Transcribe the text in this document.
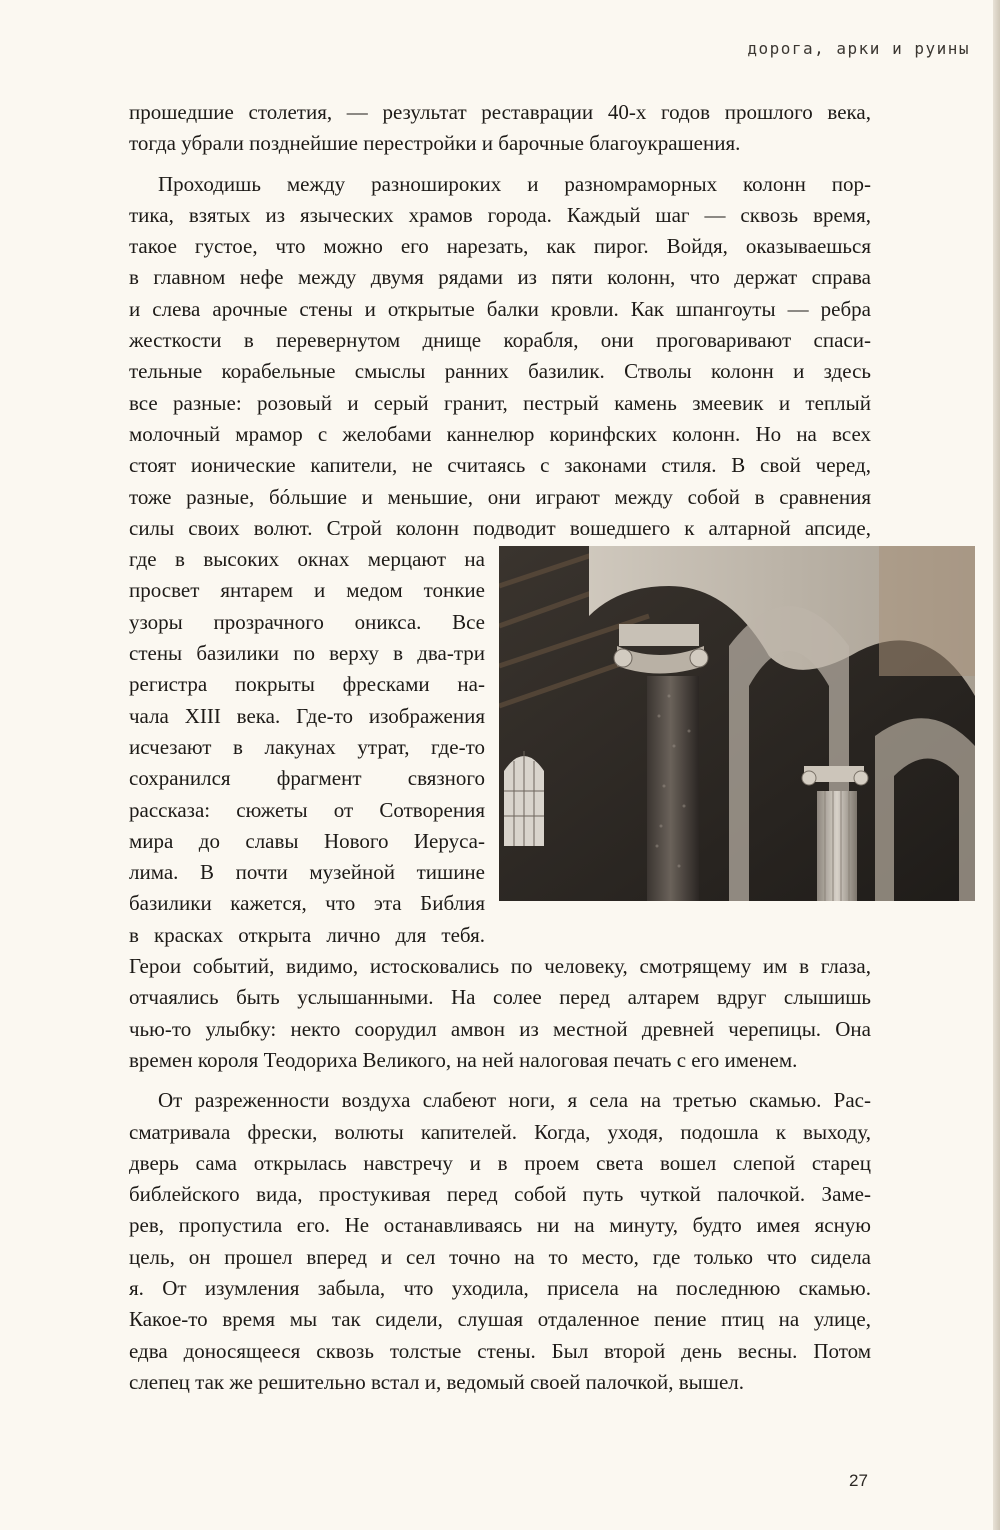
дорога, арки и руины
прошедшие столетия, — результат реставрации 40-х годов прошлого века,
тогда убрали позднейшие перестройки и барочные благоукрашения.
Проходишь между разноширокиx и разномраморных колонн пор-
тика, взятых из языческих храмов города. Каждый шаг — сквозь время,
такое густое, что можно его нарезать, как пирог. Войдя, оказываешься
в главном нефе между двумя рядами из пяти колонн, что держат справа
и слева арочные стены и открытые балки кровли. Как шпангоуты — ребра
жесткости в перевернутом днище корабля, они проговаривают спаси-
тельные корабельные смыслы ранних базилик. Стволы колонн и здесь
все разные: розовый и серый гранит, пестрый камень змеевик и теплый
молочный мрамор с желобами каннелюр коринфских колонн. Но на всех
стоят ионические капители, не считаясь с законами стиля. В свой черед,
тоже разные, бóльшие и меньшие, они играют между собой в сравнения
силы своих волют. Строй колонн подводит вошедшего к алтарной апсиде,
где в высоких окнах мерцают на
просвет янтарем и медом тонкие
узоры прозрачного оникса. Все
стены базилики по верху в два-три
регистра покрыты фресками на-
чала XIII века. Где-то изображения
исчезают в лакунах утрат, где-то
сохранился фрагмент связного
рассказа: сюжеты от Сотворения
мира до славы Нового Иеруса-
лима. В почти музейной тишине
базилики кажется, что эта Библия
в красках открыта лично для тебя.
Герои событий, видимо, истосковались по человеку, смотрящему им в глаза,
отчаялись быть услышанными. На солее перед алтарем вдруг слышишь
чью-то улыбку: некто соорудил амвон из местной древней черепицы. Она
времен короля Теодориха Великого, на ней налоговая печать с его именем.
От разреженности воздуха слабеют ноги, я села на третью скамью. Рас-
сматривала фрески, волюты капителей. Когда, уходя, подошла к выходу,
дверь сама открылась навстречу и в проем света вошел слепой старец
библейского вида, простукивая перед собой путь чуткой палочкой. Заме-
рев, пропустила его. Не останавливаясь ни на минуту, будто имея ясную
цель, он прошел вперед и сел точно на то место, где только что сидела
я. От изумления забыла, что уходила, присела на последнюю скамью.
Какое-то время мы так сидели, слушая отдаленное пение птиц на улице,
едва доносящееся сквозь толстые стены. Был второй день весны. Потом
слепец так же решительно встал и, ведомый своей палочкой, вышел.
27
